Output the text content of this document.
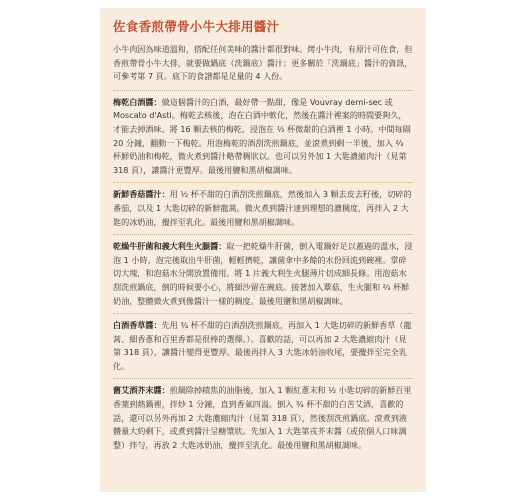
佐食香煎帶骨小牛大排用醬汁

小牛肉因為味道溫和，搭配任何美味的醬汁都很對味。烤小牛肉，有原汁可佐食，但香煎帶骨小牛大排，就要做鍋底（洗鍋底）醬汁；更多關於「洗鍋底」醬汁的資訊，可參考第 7 頁。底下的食譜都是足量的 4 人份。

梅乾白酒醬：做這個醬汁的白酒，最好帶一點甜，像是 Vouvray demi-sec 或 Moscato d'Asti。梅乾去核後，泡在白酒中軟化，然後在醬汁裡案的時間要夠久，才能去掉酒味。將 16 顆去核的梅乾，浸泡在 ½ 杯微甜的白酒裡 1 小時。中間每隔 20 分鐘，翻動一下梅乾。用泡梅乾的酒刮洗煎鍋底，並滾煮到剩一半後，加入 ⅔ 杯鮮奶油和梅乾，微火煮到醬汁略帶稠狀以。也可以另外加 1 大匙濃縮肉汁（見第 318 頁），讓醬汁更豐厚。最後用鹽和黑胡椒調味。

新鮮香菇醬汁：用 ½ 杯不甜的白酒刮洗煎鍋底，然後加入 3 顆去皮去籽後，切碎的番茄，以及 1 大匙切碎的新鮮龍蒿。微火煮到醬汁達到理想的濃稠度，再拌入 2 大匙的冰奶油，攪拌至乳化。最後用鹽和黑胡椒調味。

乾燥牛肝菌和義大利生火腿醬：取一把乾燥牛肝菌，倒入電鍋好足以蓋過的溫水，浸泡 1 小時。泡完後取出牛肝菌，輕輕擠乾，讓菌傘中多餘的水份回流到碗裡。掌碎切大塊，和泡菇水分開放置備用。將 1 片義大利生火腿薄片切成細長條。用泡菇水刮洗煎鍋底，倒的時候要小心，將細沙留在碗底。接著加入蕈菇、生火腿和 ⅔ 杯鮮奶油，整體微火煮到像醬汁一樣的稠度。最後用鹽和黑胡椒調味。

白酒香草醬：先用 ¾ 杯不甜的白酒刮洗煎鍋底，再加入 1 大匙切碎的新鮮香草（龍蒿、細香蔥和百里香都是很棒的選擇。）。喜歡的話，可以再加 2 大匙濃縮肉汁（見第 318 頁），讓醬汁變得更豐厚。最後再拌入 3 大匙冰奶油收尾，要攪拌至完全乳化。

舊艾酒芥末醬：煎鍋除掉積焦的油脂後，加入 1 顆紅蔥末和 ½ 小匙切碎的新鮮百里香葉到熱鍋裡，拌炒 1 分鐘，直到香氣四溢。倒入 ¾ 杯不甜的白苦艾酒，喜歡的話，還可以另外再加 2 大匙濃縮肉汁（見第 318 頁），然後刮洗煎鍋底。滾煮到液體量大約剩下，或煮到醬汁呈糖漿狀。先加入 1 大匙第戎芥末醬（或依個人口味調整）拌勻，再放 2 大匙冰奶油，攪拌至乳化。最後用鹽和黑胡椒調味。
